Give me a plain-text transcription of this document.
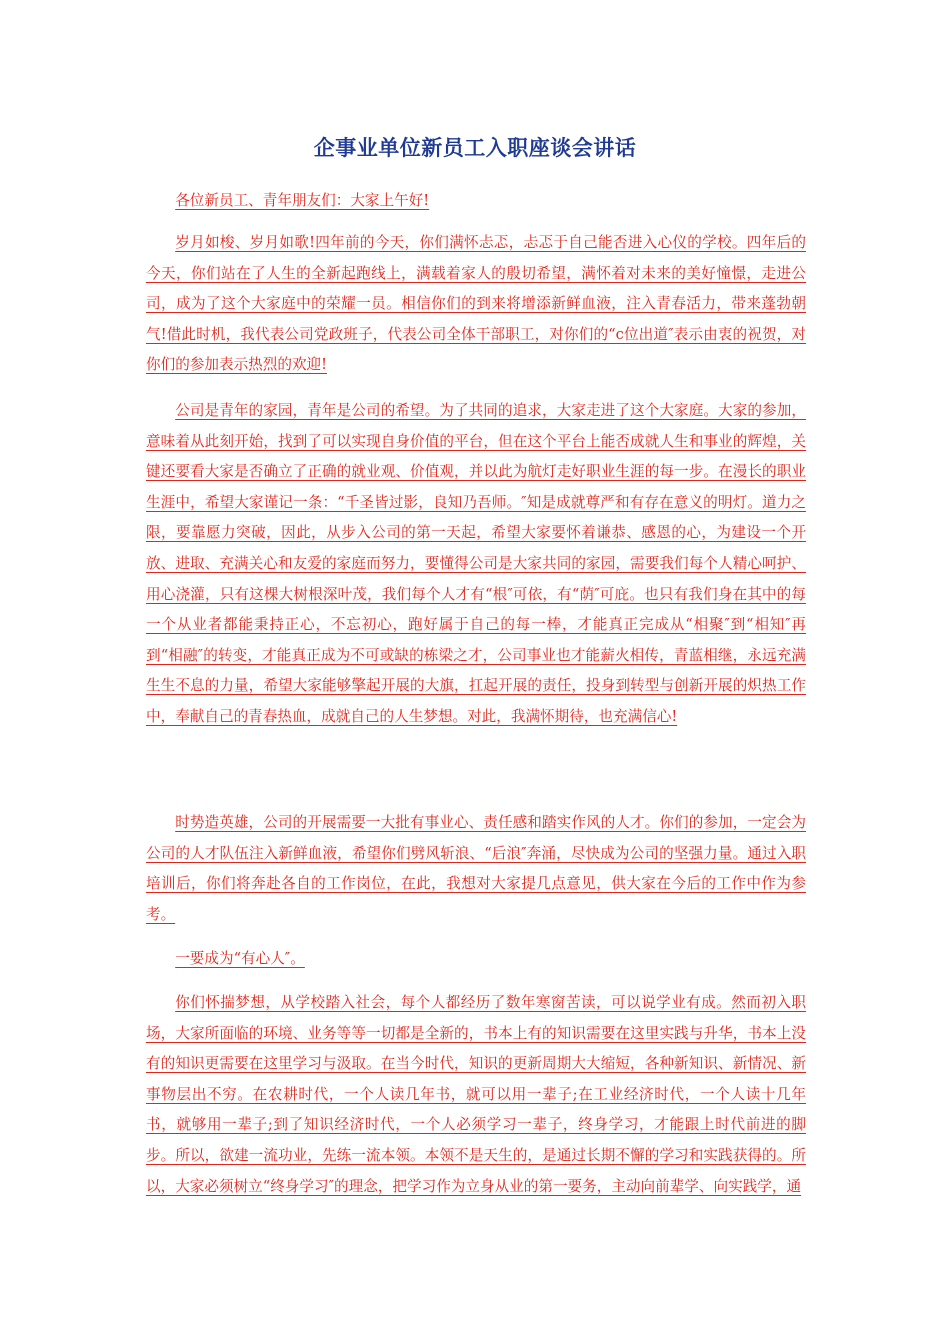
企事业单位新员工入职座谈会讲话

各位新员工、青年朋友们：大家上午好!

岁月如梭、岁月如歌!四年前的今天，你们满怀忐忑，忐忑于自己能否进入心仪的学校。四年后的今天，你们站在了人生的全新起跑线上，满载着家人的殷切希望，满怀着对未来的美好憧憬，走进公司，成为了这个大家庭中的荣耀一员。相信你们的到来将增添新鲜血液，注入青春活力，带来蓬勃朝气!借此时机，我代表公司党政班子，代表公司全体干部职工，对你们的“c位出道″表示由衷的祝贺，对你们的参加表示热烈的欢迎!

公司是青年的家园，青年是公司的希望。为了共同的追求，大家走进了这个大家庭。大家的参加，意味着从此刻开始，找到了可以实现自身价值的平台，但在这个平台上能否成就人生和事业的辉煌，关键还要看大家是否确立了正确的就业观、价值观，并以此为航灯走好职业生涯的每一步。在漫长的职业生涯中，希望大家谨记一条：“千圣皆过影，良知乃吾师。″知是成就尊严和有存在意义的明灯。道力之限，要靠愿力突破，因此，从步入公司的第一天起，希望大家要怀着谦恭、感恩的心，为建设一个开放、进取、充满关心和友爱的家庭而努力，要懂得公司是大家共同的家园，需要我们每个人精心呵护、用心浇灌，只有这棵大树根深叶茂，我们每个人才有“根″可依，有“荫″可庇。也只有我们身在其中的每一个从业者都能秉持正心，不忘初心，跑好属于自己的每一棒，才能真正完成从“相聚″到“相知″再到“相融″的转变，才能真正成为不可或缺的栋梁之才，公司事业也才能薪火相传，青蓝相继，永远充满生生不息的力量，希望大家能够擎起开展的大旗，扛起开展的责任，投身到转型与创新开展的炽热工作中，奉献自己的青春热血，成就自己的人生梦想。对此，我满怀期待，也充满信心!

时势造英雄，公司的开展需要一大批有事业心、责任感和踏实作风的人才。你们的参加，一定会为公司的人才队伍注入新鲜血液，希望你们劈风斩浪、“后浪″奔涌，尽快成为公司的坚强力量。通过入职培训后，你们将奔赴各自的工作岗位，在此，我想对大家提几点意见，供大家在今后的工作中作为参考。

一要成为“有心人″。

你们怀揣梦想，从学校踏入社会，每个人都经历了数年寒窗苦读，可以说学业有成。然而初入职场，大家所面临的环境、业务等等一切都是全新的，书本上有的知识需要在这里实践与升华，书本上没有的知识更需要在这里学习与汲取。在当今时代，知识的更新周期大大缩短，各种新知识、新情况、新事物层出不穷。在农耕时代，一个人读几年书，就可以用一辈子;在工业经济时代，一个人读十几年书，就够用一辈子;到了知识经济时代，一个人必须学习一辈子，终身学习，才能跟上时代前进的脚步。所以，欲建一流功业，先练一流本领。本领不是天生的，是通过长期不懈的学习和实践获得的。所以，大家必须树立“终身学习″的理念，把学习作为立身从业的第一要务，主动向前辈学、向实践学，通
